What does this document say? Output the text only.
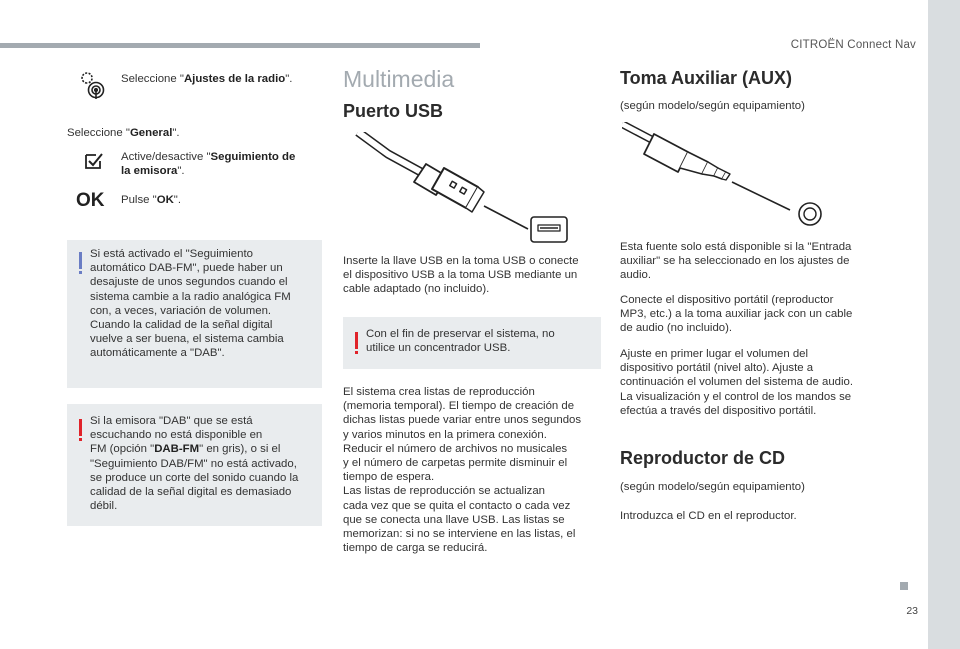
CITROËN Connect Nav
Seleccione "Ajustes de la radio".
Seleccione "General".
Active/desactive "Seguimiento de
la emisora".
OK Pulse "OK".
Si está activado el "Seguimiento
automático DAB-FM", puede haber un
desajuste de unos segundos cuando el
sistema cambie a la radio analógica FM
con, a veces, variación de volumen.
Cuando la calidad de la señal digital
vuelve a ser buena, el sistema cambia
automáticamente a "DAB".
Si la emisora "DAB" que se está
escuchando no está disponible en
FM (opción "DAB-FM" en gris), o si el
"Seguimiento DAB/FM" no está activado,
se produce un corte del sonido cuando la
calidad de la señal digital es demasiado
débil.
Multimedia
Puerto USB
Inserte la llave USB en la toma USB o conecte
el dispositivo USB a la toma USB mediante un
cable adaptado (no incluido).
Con el fin de preservar el sistema, no
utilice un concentrador USB.
El sistema crea listas de reproducción
(memoria temporal). El tiempo de creación de
dichas listas puede variar entre unos segundos
y varios minutos en la primera conexión.
Reducir el número de archivos no musicales
y el número de carpetas permite disminuir el
tiempo de espera.
Las listas de reproducción se actualizan
cada vez que se quita el contacto o cada vez
que se conecta una llave USB. Las listas se
memorizan: si no se interviene en las listas, el
tiempo de carga se reducirá.
Toma Auxiliar (AUX)
(según modelo/según equipamiento)
Esta fuente solo está disponible si la "Entrada
auxiliar" se ha seleccionado en los ajustes de
audio.
Conecte el dispositivo portátil (reproductor
MP3, etc.) a la toma auxiliar jack con un cable
de audio (no incluido).
Ajuste en primer lugar el volumen del
dispositivo portátil (nivel alto). Ajuste a
continuación el volumen del sistema de audio.
La visualización y el control de los mandos se
efectúa a través del dispositivo portátil.
Reproductor de CD
(según modelo/según equipamiento)
Introduzca el CD en el reproductor.
23
